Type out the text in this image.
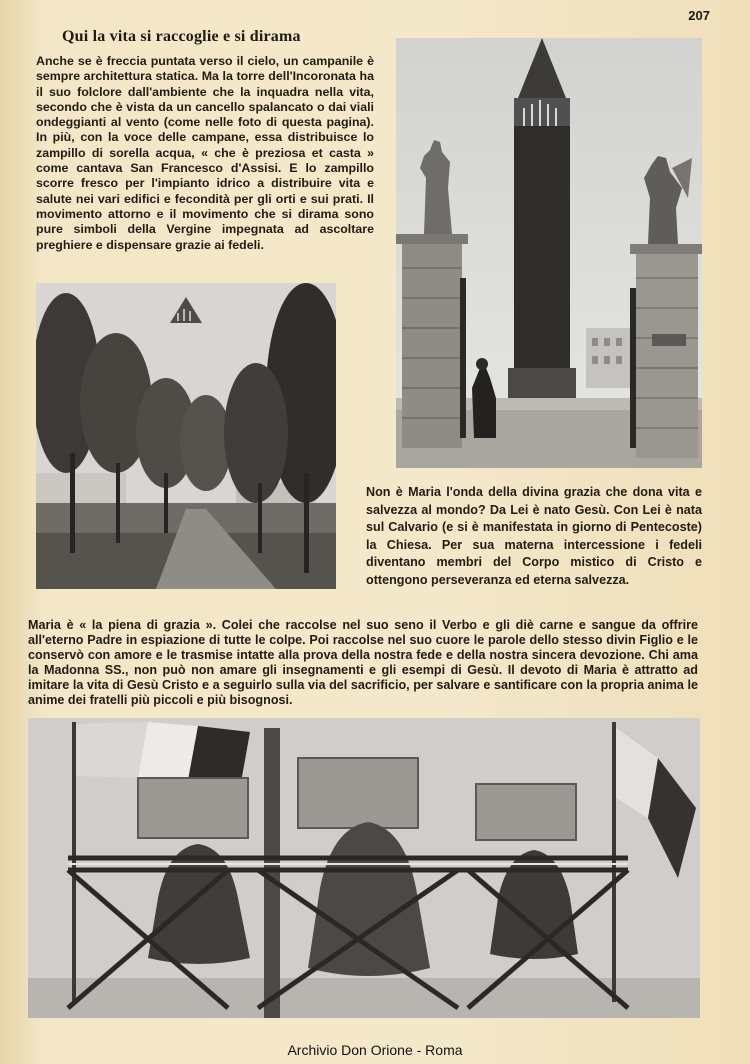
207
Qui la vita si raccoglie e si dirama

Anche se è freccia puntata verso il cielo, un campanile è sempre architettura statica. Ma la torre dell'Incoronata ha il suo folclore dall'ambiente che la inquadra nella vita, secondo che è vista da un cancello spalancato o dai viali ondeggianti al vento (come nelle foto di questa pagina). In più, con la voce delle campane, essa distribuisce lo zampillo di sorella acqua, « che è preziosa et casta » come cantava San Francesco d'Assisi. E lo zampillo scorre fresco per l'impianto idrico a distribuire vita e salute nei vari edifici e fecondità per gli orti e sui prati. Il movimento attorno e il movimento che si dirama sono pure simboli della Vergine impegnata ad ascoltare preghiere e dispensare grazie ai fedeli.

Non è Maria l'onda della divina grazia che dona vita e salvezza al mondo? Da Lei è nato Gesù. Con Lei è nata sul Calvario (e si è manifestata in giorno di Pentecoste) la Chiesa. Per sua materna intercessione i fedeli diventano membri del Corpo mistico di Cristo e ottengono perseveranza ed eterna salvezza.

Maria è « la piena di grazia ». Colei che raccolse nel suo seno il Verbo e gli diè carne e sangue da offrire all'eterno Padre in espiazione di tutte le colpe. Poi raccolse nel suo cuore le parole dello stesso divin Figlio e le conservò con amore e le trasmise intatte alla prova della nostra fede e della nostra sincera devozione. Chi ama la Madonna SS., non può non amare gli insegnamenti e gli esempi di Gesù. Il devoto di Maria è attratto ad imitare la vita di Gesù Cristo e a seguirlo sulla via del sacrificio, per salvare e santificare con la propria anima le anime dei fratelli più piccoli e più bisognosi.

Archivio Don Orione - Roma
